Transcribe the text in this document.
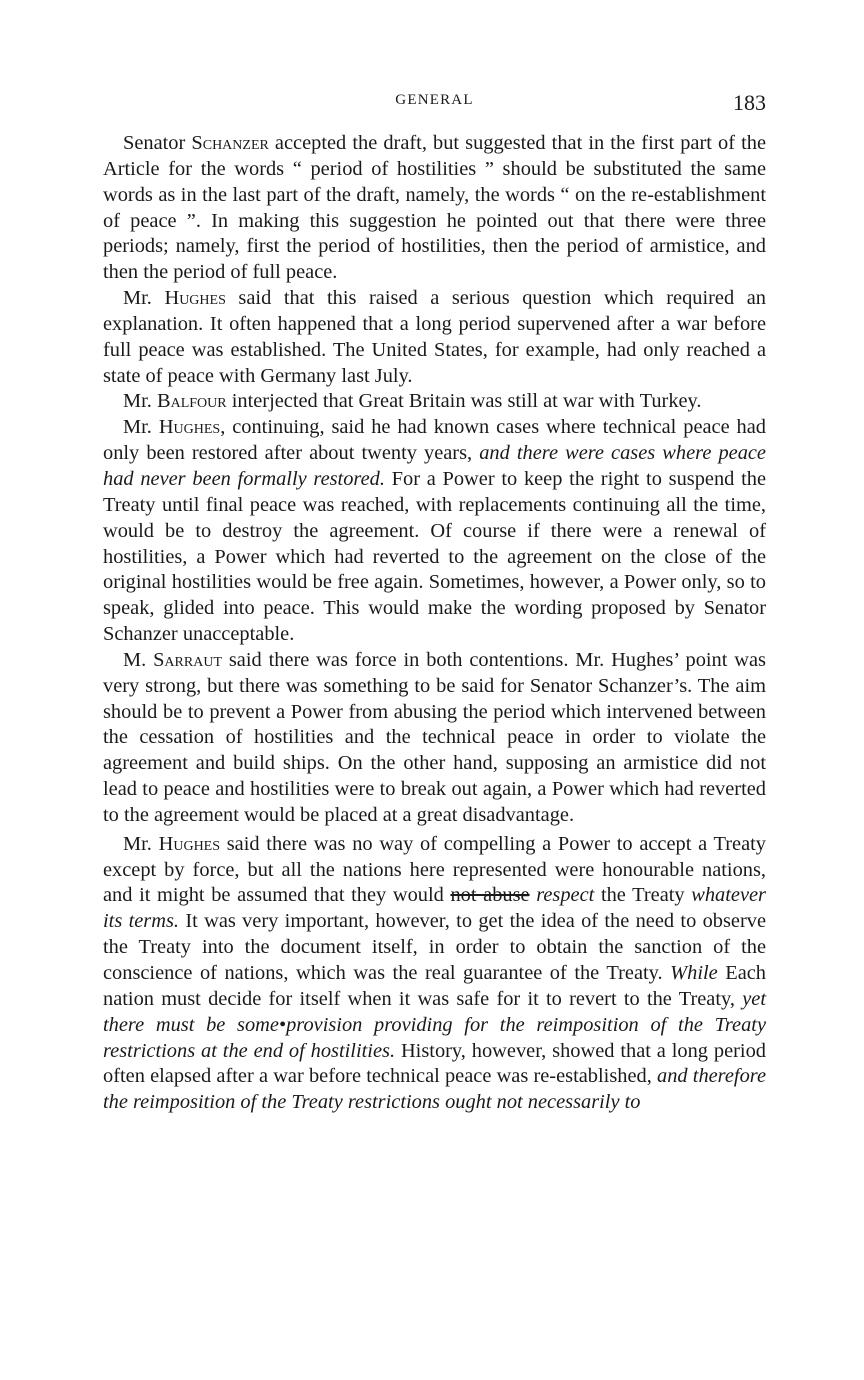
GENERAL	183

Senator Schanzer accepted the draft, but suggested that in the first part of the Article for the words “ period of hostilities ” should be substituted the same words as in the last part of the draft, namely, the words “ on the re-establishment of peace ”. In making this suggestion he pointed out that there were three periods; namely, first the period of hostilities, then the period of armistice, and then the period of full peace.

Mr. Hughes said that this raised a serious question which required an explanation. It often happened that a long period supervened after a war before full peace was established. The United States, for example, had only reached a state of peace with Germany last July.

Mr. Balfour interjected that Great Britain was still at war with Turkey.

Mr. Hughes, continuing, said he had known cases where technical peace had only been restored after about twenty years, and there were cases where peace had never been formally restored. For a Power to keep the right to suspend the Treaty until final peace was reached, with replacements continuing all the time, would be to destroy the agreement. Of course if there were a renewal of hostilities, a Power which had reverted to the agreement on the close of the original hostilities would be free again. Sometimes, however, a Power only, so to speak, glided into peace. This would make the wording proposed by Senator Schanzer unacceptable.

M. Sarraut said there was force in both contentions. Mr. Hughes’ point was very strong, but there was something to be said for Senator Schanzer’s. The aim should be to prevent a Power from abusing the period which intervened between the cessation of hostilities and the technical peace in order to violate the agreement and build ships. On the other hand, supposing an armistice did not lead to peace and hostilities were to break out again, a Power which had reverted to the agreement would be placed at a great disadvantage.

Mr. Hughes said there was no way of compelling a Power to accept a Treaty except by force, but all the nations here represented were honourable nations, and it might be assumed that they would not abuse respect the Treaty whatever its terms. It was very important, however, to get the idea of the need to observe the Treaty into the document itself, in order to obtain the sanction of the conscience of nations, which was the real guarantee of the Treaty. While Each nation must decide for itself when it was safe for it to revert to the Treaty, yet there must be some•provision providing for the reimposition of the Treaty restrictions at the end of hostilities. History, however, showed that a long period often elapsed after a war before technical peace was re-established, and therefore the reimposition of the Treaty restrictions ought not necessarily to
